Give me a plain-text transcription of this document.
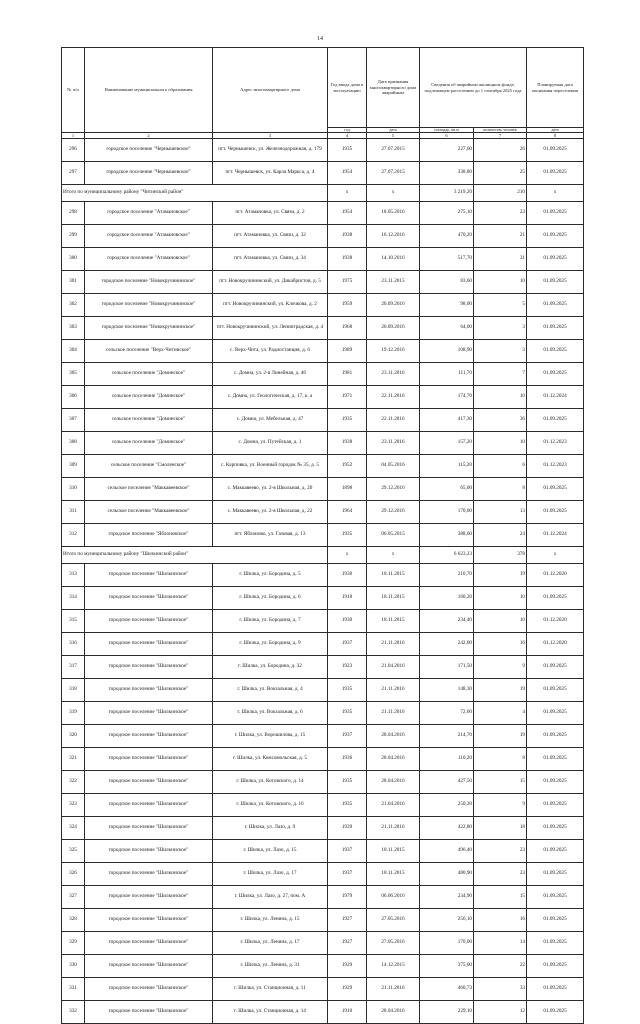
14
№ п/п	Наименование муниципального образования	Адрес многоквартирного дома	Год ввода дома в эксплуатацию	Дата признания многоквартирного дома аварийным	Сведения об аварийном жилищном фонде, подлежащем расселению до 1 сентября 2025 года		Планируемая дата окончания переселения
			год	дата	площадь, кв.м	количество человек	дата
1	2	3	4	5	6	7	8
296	городское поселение "Чернышевское"	пгт. Чернышевск, ул. Железнодорожная, д. 179	1935	27.07.2015	227,60	26	01.09.2025
297	городское поселение "Чернышевское"	пгт. Чернышевск, ул. Карла Маркса, д. 4	1954	27.07.2015	338,80	25	01.09.2025
Итого по муниципальному району "Читинский район"			x	x	3 219,20	210	x
298	городское поселение "Атамановское"	пгт. Атамановка, ул. Связи, д. 2	1954	18.05.2016	275,10	23	01.09.2025
299	городское поселение "Атамановское"	пгт. Атамановка, ул. Связи, д. 32	1938	16.12.2016	470,20	21	01.09.2025
300	городское поселение "Атамановское"	пгт. Атамановка, ул. Связи, д. 34	1938	14.10.2016	517,70	31	01.09.2025
301	городское поселение "Новокручининское"	пгт. Новокручининский, ул. Дикабристов, д. 5	1975	23.11.2015	83,60	10	01.09.2025
302	городское поселение "Новокручининское"	пгт. Новокручининский, ул. Клочкова, д. 2	1959	20.09.2016	98,00	5	01.09.2025
303	городское поселение "Новокручининское"	пгт. Новокручининский, ул. Ленинградская, д. 4	1968	20.09.2016	64,00	3	01.09.2025
304	сельское поселение "Верх-Читинское"	с. Верх-Чита, ул. Радиостанция, д. 6	1989	19.12.2016	108,90	3	01.09.2025
305	сельское поселение "Доминское"	с. Домна, ул. 2-я Линейная, д. 46	1981	23.11.2016	111,70	7	01.09.2025
306	сельское поселение "Доминское"	с. Домна, ул. Геологическая, д. 17, к. а	1971	22.11.2016	174,70	10	01.12.2024
307	сельское поселение "Доминское"	с. Домна, ул. Мебельная, д. 47	1935	22.11.2016	417,30	36	01.09.2025
308	сельское поселение "Доминское"	с. Домна, ул. Путейская, д. 1	1938	23.11.2016	157,20	10	01.12.2023
309	сельское поселение "Смоленское"	с. Карповка, ул. Военный городок № 35, д. 5	1952	04.05.2016	115,20	6	01.12.2023
310	сельское поселение "Маккавеевское"	с. Маккавеево, ул. 2-я Школьная, д. 20	1898	29.12.2016	65,00	8	01.09.2025
311	сельское поселение "Маккавеевское"	с. Маккавеево, ул. 2-я Школьная, д. 22	1964	29.12.2016	170,00	13	01.09.2025
312	городское поселение "Яблоновское"	пгт. Яблоново, ул. Газовая, д. 13	1935	06.05.2015	388,60	24	01.12.2024
Итого по муниципальному району "Шилкинский район"			x	x	6 623,23	378	x
313	городское поселение "Шилкинское"	г. Шилка, ул. Бородина, д. 5	1930	18.11.2015	210,70	19	01.12.2020
314	городское поселение "Шилкинское"	г. Шилка, ул. Бородина, д. 6	1918	18.11.2015	160,20	10	01.09.2025
315	городское поселение "Шилкинское"	г. Шилка, ул. Бородина, д. 7	1930	18.11.2015	234,40	10	01.12.2020
316	городское поселение "Шилкинское"	г. Шилка, ул. Бородина, д. 9	1937	21.11.2016	242,00	16	01.12.2020
317	городское поселение "Шилкинское"	г. Шилка, ул. Бородина, д. 32	1923	21.04.2016	171,50	9	01.09.2025
318	городское поселение "Шилкинское"	г. Шилка, ул. Вокзальная, д. 4	1935	21.11.2016	148,30	19	01.09.2025
319	городское поселение "Шилкинское"	г. Шилка, ул. Вокзальная, д. 6	1935	21.11.2016	72,60	4	01.09.2025
320	городское поселение "Шилкинское"	г. Шилка, ул. Ворошилова, д. 15	1937	28.04.2016	214,70	19	01.09.2025
321	городское поселение "Шилкинское"	г. Шилка, ул. Комсомольская, д. 5	1936	28.04.2016	110,20	8	01.09.2025
322	городское поселение "Шилкинское"	г. Шилка, ул. Котовского, д. 14	1935	28.04.2016	427,50	15	01.09.2025
323	городское поселение "Шилкинское"	г. Шилка, ул. Котовского, д. 16	1935	21.04.2016	250,20	9	01.09.2025
324	городское поселение "Шилкинское"	г. Шилка, ул. Лазо, д. 9	1939	21.11.2016	422,80	18	01.09.2025
325	городское поселение "Шилкинское"	г. Шилка, ул. Лазо, д. 15	1937	18.11.2015	496,40	23	01.09.2025
326	городское поселение "Шилкинское"	г. Шилка, ул. Лазо, д. 17	1937	18.11.2015	480,90	23	01.09.2025
327	городское поселение "Шилкинское"	г. Шилка, ул. Лазо, д. 27, пом. А	1979	06.06.2016	234,90	15	01.09.2025
328	городское поселение "Шилкинское"	г. Шилка, ул. Ленина, д. 15	1927	27.05.2016	256,10	16	01.09.2025
329	городское поселение "Шилкинское"	г. Шилка, ул. Ленина, д. 17	1927	27.05.2016	170,00	14	01.09.2025
330	городское поселение "Шилкинское"	г. Шилка, ул. Ленина, д. 31	1929	14.12.2015	375,00	22	01.09.2025
331	городское поселение "Шилкинское"	г. Шилка, ул. Станционная, д. 11	1929	21.11.2016	460,73	33	01.09.2025
332	городское поселение "Шилкинское"	г. Шилка, ул. Станционная, д. 14	1910	28.04.2016	229,10	12	01.09.2025
